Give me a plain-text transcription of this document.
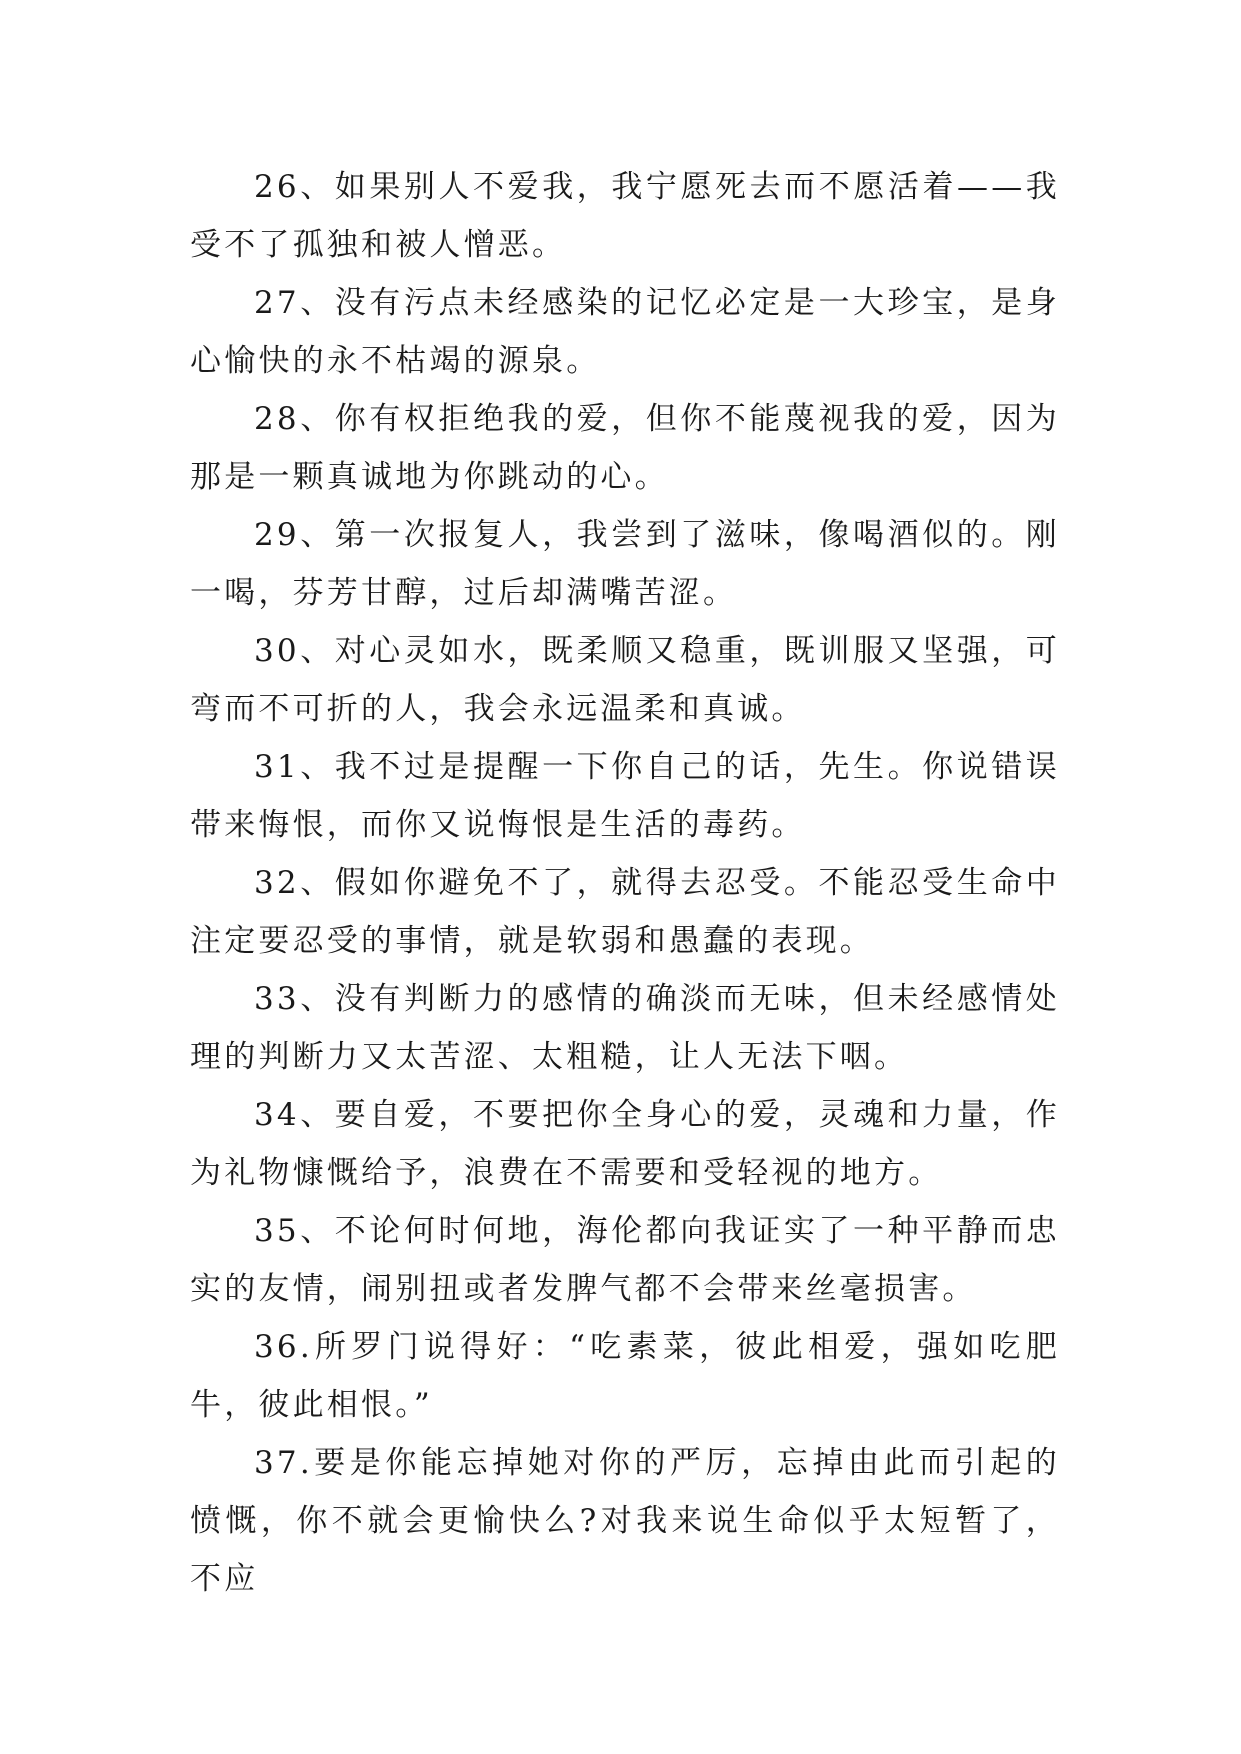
26、如果别人不爱我，我宁愿死去而不愿活着——我受不了孤独和被人憎恶。

27、没有污点未经感染的记忆必定是一大珍宝，是身心愉快的永不枯竭的源泉。

28、你有权拒绝我的爱，但你不能蔑视我的爱，因为那是一颗真诚地为你跳动的心。

29、第一次报复人，我尝到了滋味，像喝酒似的。刚一喝，芬芳甘醇，过后却满嘴苦涩。

30、对心灵如水，既柔顺又稳重，既训服又坚强，可弯而不可折的人，我会永远温柔和真诚。

31、我不过是提醒一下你自己的话，先生。你说错误带来悔恨，而你又说悔恨是生活的毒药。

32、假如你避免不了，就得去忍受。不能忍受生命中注定要忍受的事情，就是软弱和愚蠢的表现。

33、没有判断力的感情的确淡而无味，但未经感情处理的判断力又太苦涩、太粗糙，让人无法下咽。

34、要自爱，不要把你全身心的爱，灵魂和力量，作为礼物慷慨给予，浪费在不需要和受轻视的地方。

35、不论何时何地，海伦都向我证实了一种平静而忠实的友情，闹别扭或者发脾气都不会带来丝毫损害。

36.所罗门说得好：“吃素菜，彼此相爱，强如吃肥牛，彼此相恨。”

37.要是你能忘掉她对你的严厉，忘掉由此而引起的愤慨，你不就会更愉快么?对我来说生命似乎太短暂了，不应
